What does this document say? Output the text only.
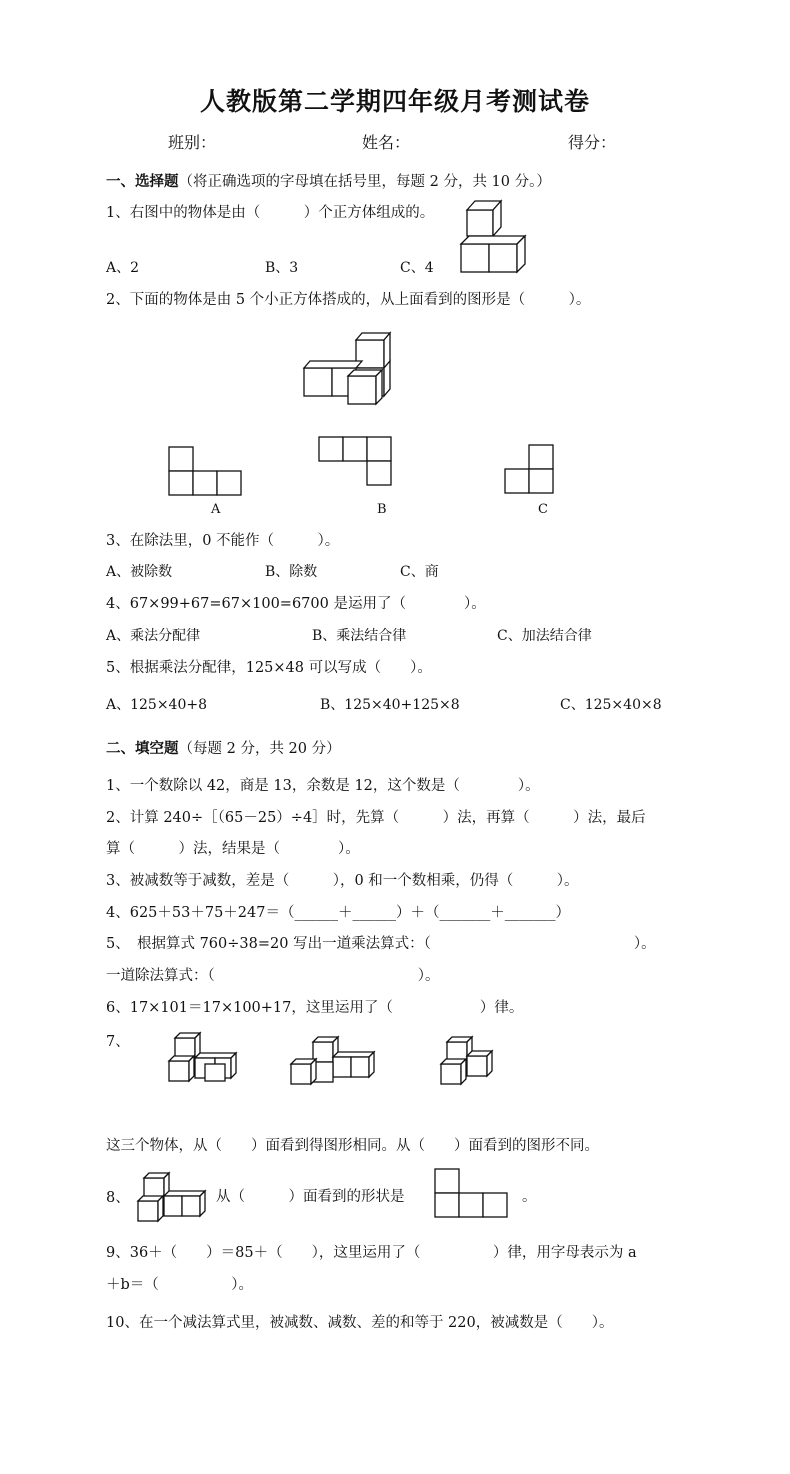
人教版第二学期四年级月考测试卷
班别：	姓名：	得分：
一、选择题（将正确选项的字母填在括号里，每题 2 分，共 10 分。）
1、右图中的物体是由（　　　）个正方体组成的。
A、2	B、3	C、4
2、下面的物体是由 5 个小正方体搭成的，从上面看到的图形是（　　　）。
A	B	C
3、在除法里，0 不能作（　　　）。
A、被除数	B、除数	C、商
4、67×99+67=67×100=6700 是运用了（　　　　）。
A、乘法分配律	B、乘法结合律	C、加法结合律
5、根据乘法分配律，125×48 可以写成（　　）。
A、125×40+8	B、125×40+125×8	C、125×40×8
二、填空题（每题 2 分，共 20 分）
1、一个数除以 42，商是 13，余数是 12，这个数是（　　　　）。
2、计算 240÷［（65－25）÷4］时，先算（　　　）法，再算（　　　）法，最后
算（　　　）法，结果是（　　　　）。
3、被减数等于减数，差是（　　　），0 和一个数相乘，仍得（　　　）。
4、625＋53＋75＋247＝（______＋______）＋（_______＋_______）
5、　根据算式 760÷38=20 写出一道乘法算式：（　　　　　　　　　　　　　　）。
一道除法算式：（　　　　　　　　　　　　　　）。
6、17×101＝17×100+17，这里运用了（　　　　　　）律。
7、
这三个物体，从（　　）面看到得图形相同。从（　　）面看到的图形不同。
8、	从（　　　）面看到的形状是	。
9、36＋（　　）＝85＋（　　），这里运用了（　　　　　）律，用字母表示为 a
＋b＝（　　　　　）。
10、在一个减法算式里，被减数、减数、差的和等于 220，被减数是（　　）。
